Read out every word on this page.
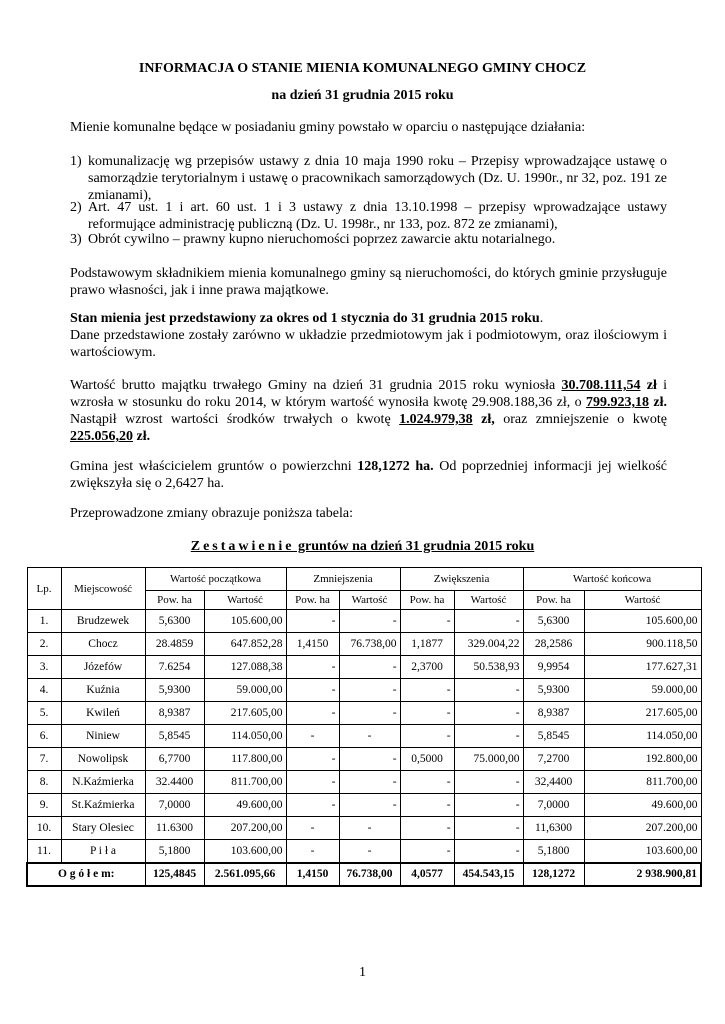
INFORMACJA O STANIE MIENIA KOMUNALNEGO GMINY CHOCZ
na dzień 31 grudnia 2015 roku
Mienie komunalne będące w posiadaniu gminy powstało w oparciu o następujące działania:
1) komunalizację wg przepisów ustawy z dnia 10 maja 1990 roku – Przepisy wprowadzające ustawę o samorządzie terytorialnym i ustawę o pracownikach samorządowych (Dz. U. 1990r., nr 32, poz. 191 ze zmianami),
2) Art. 47 ust. 1 i art. 60 ust. 1 i 3 ustawy z dnia 13.10.1998 – przepisy wprowadzające ustawy reformujące administrację publiczną (Dz. U. 1998r., nr 133, poz. 872 ze zmianami),
3) Obrót cywilno – prawny kupno nieruchomości poprzez zawarcie aktu notarialnego.
Podstawowym składnikiem mienia komunalnego gminy są nieruchomości, do których gminie przysługuje prawo własności, jak i inne prawa majątkowe.
Stan mienia jest przedstawiony za okres od 1 stycznia do 31 grudnia 2015 roku.
Dane przedstawione zostały zarówno w układzie przedmiotowym jak i podmiotowym, oraz ilościowym i wartościowym.
Wartość brutto majątku trwałego Gminy na dzień 31 grudnia 2015 roku wyniosła 30.708.111,54 zł i wzrosła w stosunku do roku 2014, w którym wartość wynosiła kwotę 29.908.188,36 zł, o 799.923,18 zł. Nastąpił wzrost wartości środków trwałych o kwotę 1.024.979,38 zł, oraz zmniejszenie o kwotę 225.056,20 zł.
Gmina jest właścicielem gruntów o powierzchni 128,1272 ha. Od poprzedniej informacji jej wielkość zwiększyła się o 2,6427 ha.
Przeprowadzone zmiany obrazuje poniższa tabela:
Zestawienie gruntów na dzień 31 grudnia 2015 roku
Lp.	Miejscowość	Wartość początkowa		Zmniejszenia		Zwiększenia		Wartość końcowa	
		Pow. ha	Wartość	Pow. ha	Wartość	Pow. ha	Wartość	Pow. ha	Wartość
1.	Brudzewek	5,6300	105.600,00	-	-	-	-	5,6300	105.600,00
2.	Chocz	28.4859	647.852,28	1,4150	76.738,00	1,1877	329.004,22	28,2586	900.118,50
3.	Józefów	7.6254	127.088,38	-	-	2,3700	50.538,93	9,9954	177.627,31
4.	Kuźnia	5,9300	59.000,00	-	-	-	-	5,9300	59.000,00
5.	Kwileń	8,9387	217.605,00	-	-	-	-	8,9387	217.605,00
6.	Niniew	5,8545	114.050,00	-	-	-	-	5,8545	114.050,00
7.	Nowolipsk	6,7700	117.800,00	-	-	0,5000	75.000,00	7,2700	192.800,00
8.	N.Kaźmierka	32.4400	811.700,00	-	-	-	-	32,4400	811.700,00
9.	St.Kaźmierka	7,0000	49.600,00	-	-	-	-	7,0000	49.600,00
10.	Stary Olesiec	11.6300	207.200,00	-	-	-	-	11,6300	207.200,00
11.	P i ł a	5,1800	103.600,00	-	-	-	-	5,1800	103.600,00
O g ó ł e m:		125,4845	2.561.095,66	1,4150	76.738,00	4,0577	454.543,15	128,1272	2 938.900,81
1
